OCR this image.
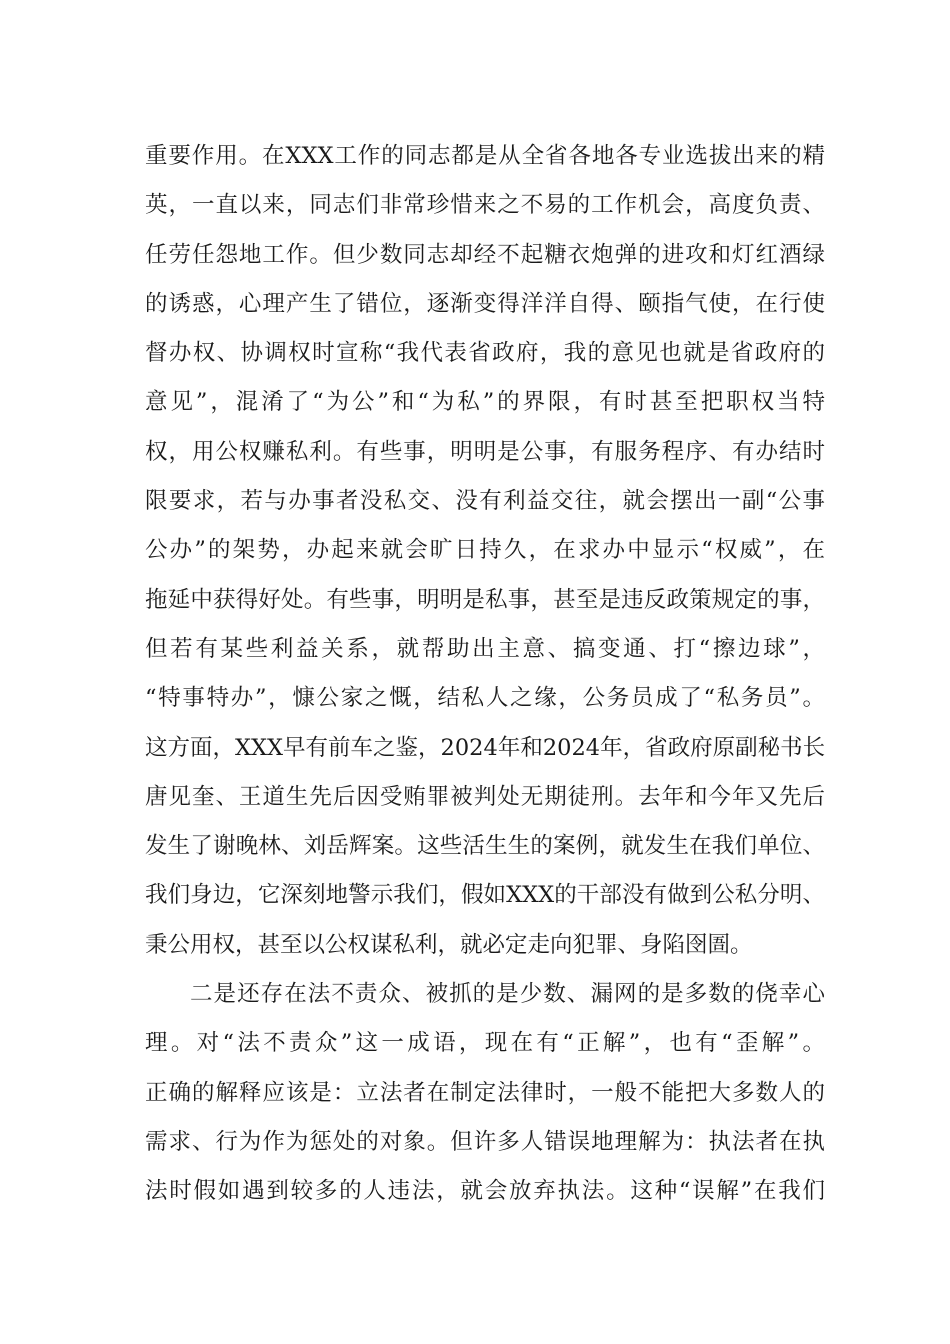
重要作用。在XXX工作的同志都是从全省各地各专业选拔出来的精
英，一直以来，同志们非常珍惜来之不易的工作机会，高度负责、
任劳任怨地工作。但少数同志却经不起糖衣炮弹的进攻和灯红酒绿
的诱惑，心理产生了错位，逐渐变得洋洋自得、颐指气使，在行使
督办权、协调权时宣称“我代表省政府，我的意见也就是省政府的
意见”，混淆了“为公”和“为私”的界限，有时甚至把职权当特
权，用公权赚私利。有些事，明明是公事，有服务程序、有办结时
限要求，若与办事者没私交、没有利益交往，就会摆出一副“公事
公办”的架势，办起来就会旷日持久，在求办中显示“权威”，在
拖延中获得好处。有些事，明明是私事，甚至是违反政策规定的事，
但若有某些利益关系，就帮助出主意、搞变通、打“擦边球”，
“特事特办”，慷公家之慨，结私人之缘，公务员成了“私务员”。
这方面，XXX早有前车之鉴，2024年和2024年，省政府原副秘书长
唐见奎、王道生先后因受贿罪被判处无期徒刑。去年和今年又先后
发生了谢晚林、刘岳辉案。这些活生生的案例，就发生在我们单位、
我们身边，它深刻地警示我们，假如XXX的干部没有做到公私分明、
秉公用权，甚至以公权谋私利，就必定走向犯罪、身陷囹圄。
二是还存在法不责众、被抓的是少数、漏网的是多数的侥幸心
理。对“法不责众”这一成语，现在有“正解”，也有“歪解”。
正确的解释应该是：立法者在制定法律时，一般不能把大多数人的
需求、行为作为惩处的对象。但许多人错误地理解为：执法者在执
法时假如遇到较多的人违法，就会放弃执法。这种“误解”在我们
